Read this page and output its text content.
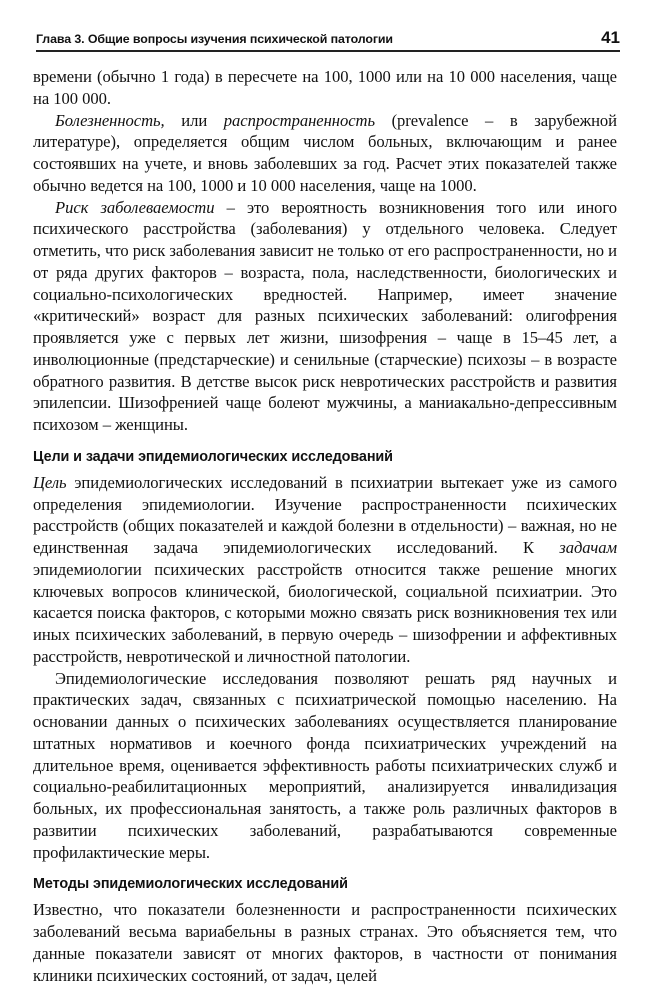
Глава 3. Общие вопросы изучения психической патологии	41

времени (обычно 1 года) в пересчете на 100, 1000 или на 10 000 населения, чаще на 100 000.

Болезненность, или распространенность (prevalence – в зарубежной литературе), определяется общим числом больных, включающим и ранее состоявших на учете, и вновь заболевших за год. Расчет этих показателей также обычно ведется на 100, 1000 и 10 000 населения, чаще на 1000.

Риск заболеваемости – это вероятность возникновения того или иного психического расстройства (заболевания) у отдельного человека. Следует отметить, что риск заболевания зависит не только от его распространенности, но и от ряда других факторов – возраста, пола, наследственности, биологических и социально-психологических вредностей. Например, имеет значение «критический» возраст для разных психических заболеваний: олигофрения проявляется уже с первых лет жизни, шизофрения – чаще в 15–45 лет, а инволюционные (предстарческие) и сенильные (старческие) психозы – в возрасте обратного развития. В детстве высок риск невротических расстройств и развития эпилепсии. Шизофренией чаще болеют мужчины, а маниакально-депрессивным психозом – женщины.

Цели и задачи эпидемиологических исследований

Цель эпидемиологических исследований в психиатрии вытекает уже из самого определения эпидемиологии. Изучение распространенности психических расстройств (общих показателей и каждой болезни в отдельности) – важная, но не единственная задача эпидемиологических исследований. К задачам эпидемиологии психических расстройств относится также решение многих ключевых вопросов клинической, биологической, социальной психиатрии. Это касается поиска факторов, с которыми можно связать риск возникновения тех или иных психических заболеваний, в первую очередь – шизофрении и аффективных расстройств, невротической и личностной патологии.

Эпидемиологические исследования позволяют решать ряд научных и практических задач, связанных с психиатрической помощью населению. На основании данных о психических заболеваниях осуществляется планирование штатных нормативов и коечного фонда психиатрических учреждений на длительное время, оценивается эффективность работы психиатрических служб и социально-реабилитационных мероприятий, анализируется инвалидизация больных, их профессиональная занятость, а также роль различных факторов в развитии психических заболеваний, разрабатываются современные профилактические меры.

Методы эпидемиологических исследований

Известно, что показатели болезненности и распространенности психических заболеваний весьма вариабельны в разных странах. Это объясняется тем, что данные показатели зависят от многих факторов, в частности от понимания клиники психических состояний, от задач, целей
